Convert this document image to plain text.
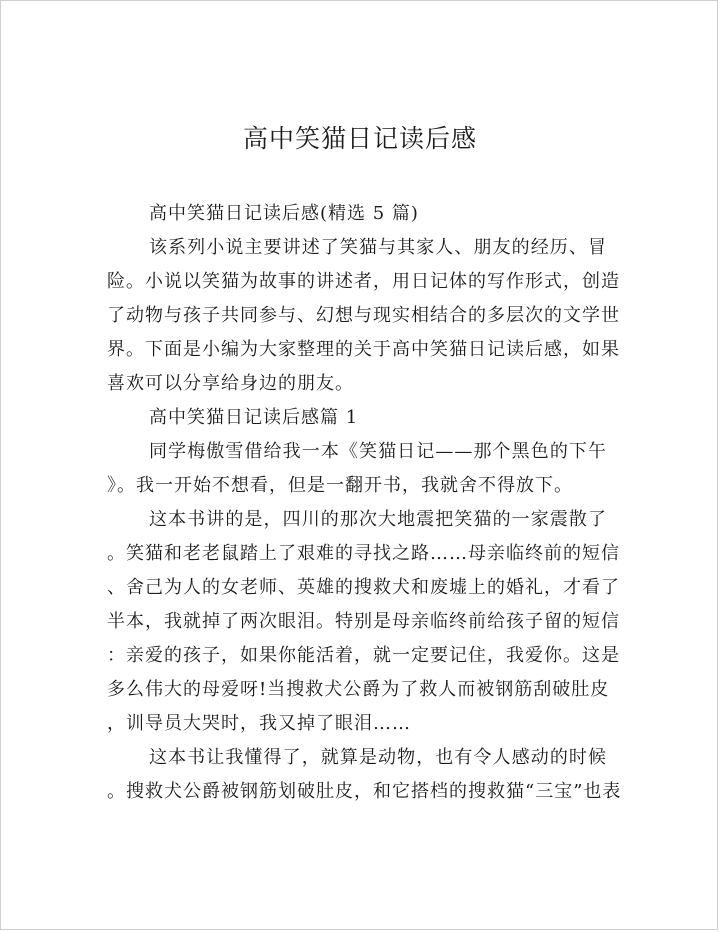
高中笑猫日记读后感
高中笑猫日记读后感(精选 5 篇)
该系列小说主要讲述了笑猫与其家人、朋友的经历、冒
险。小说以笑猫为故事的讲述者，用日记体的写作形式，创造
了动物与孩子共同参与、幻想与现实相结合的多层次的文学世
界。下面是小编为大家整理的关于高中笑猫日记读后感，如果
喜欢可以分享给身边的朋友。
高中笑猫日记读后感篇 1
同学梅傲雪借给我一本《笑猫日记——那个黑色的下午
》。我一开始不想看，但是一翻开书，我就舍不得放下。
这本书讲的是，四川的那次大地震把笑猫的一家震散了
。笑猫和老老鼠踏上了艰难的寻找之路……母亲临终前的短信
、舍己为人的女老师、英雄的搜救犬和废墟上的婚礼，才看了
半本，我就掉了两次眼泪。特别是母亲临终前给孩子留的短信
：亲爱的孩子，如果你能活着，就一定要记住，我爱你。这是
多么伟大的母爱呀!当搜救犬公爵为了救人而被钢筋刮破肚皮
，训导员大哭时，我又掉了眼泪……
这本书让我懂得了，就算是动物，也有令人感动的时候
。搜救犬公爵被钢筋划破肚皮，和它搭档的搜救猫“三宝”也表
